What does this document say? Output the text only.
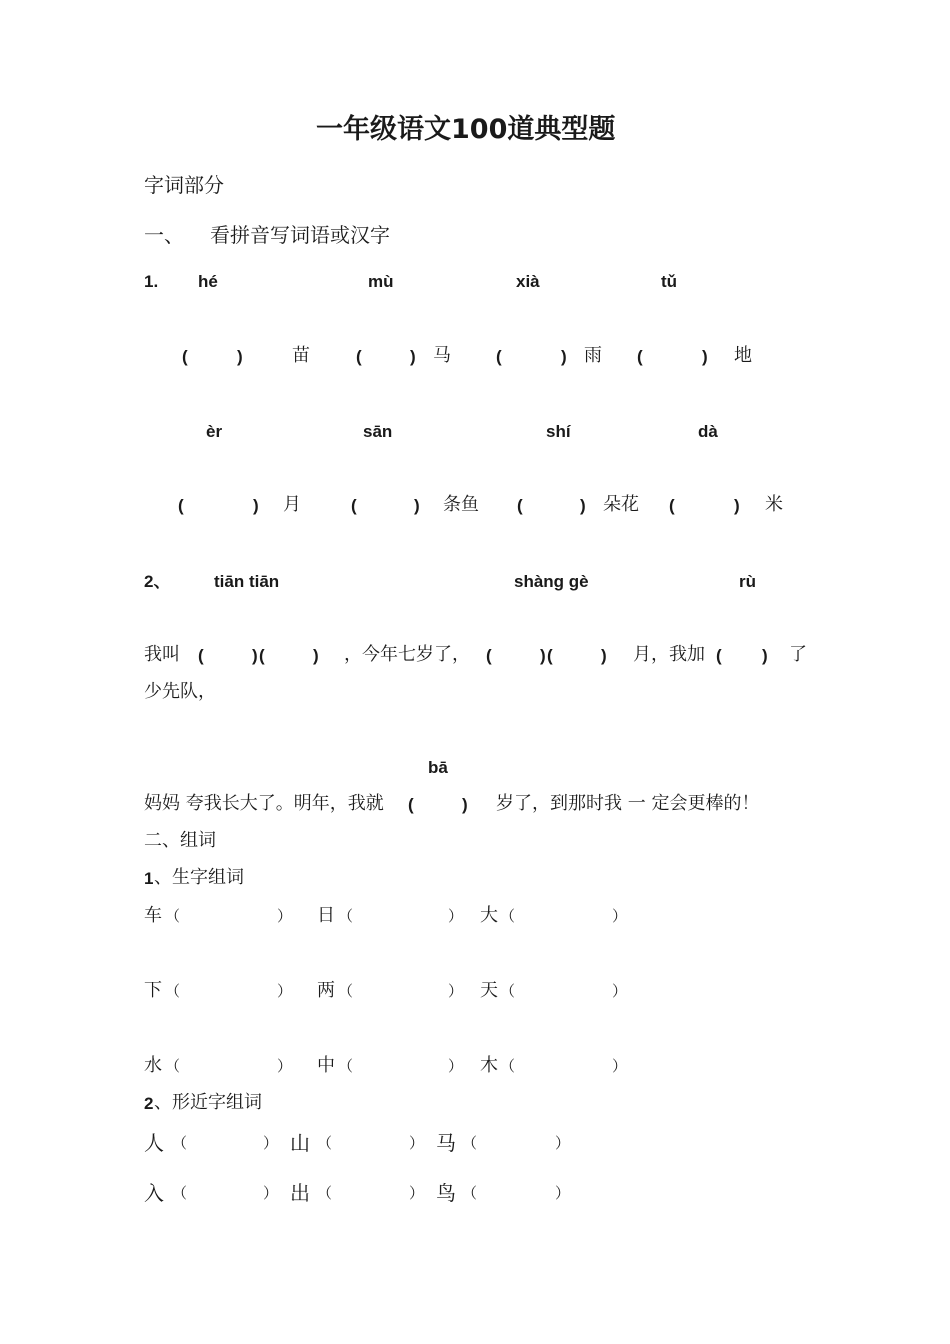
一年级语文100道典型题
字词部分
一、 看拼音写词语或汉字
1. hé	mù	xià	tǔ
(	)	苗	(	) 马	(	) 雨 (	) 地
èr	sān	shí	dà
(	) 月	(	) 条鱼 (	) 朵花 (	) 米
2、	tiān tiān	shàng gè	rù
我叫 (	) (	) ，今年七岁了， (	) (	) 月，我加 ( ) 了
少先队，
bā
妈妈 夸我长大了。明年，我就 (	) 岁了，到那时我 一 定会更棒的！
二、组词
1 、生字组词
车 （	） 日 （	） 大 （	）
下 （	） 两 （	） 天 （	）
水 （	） 中 （	） 木 （	）
2 、形近字组词
人 （	） 山 （	） 马 （	）
入 （	） 出 （	） 鸟 （	）
